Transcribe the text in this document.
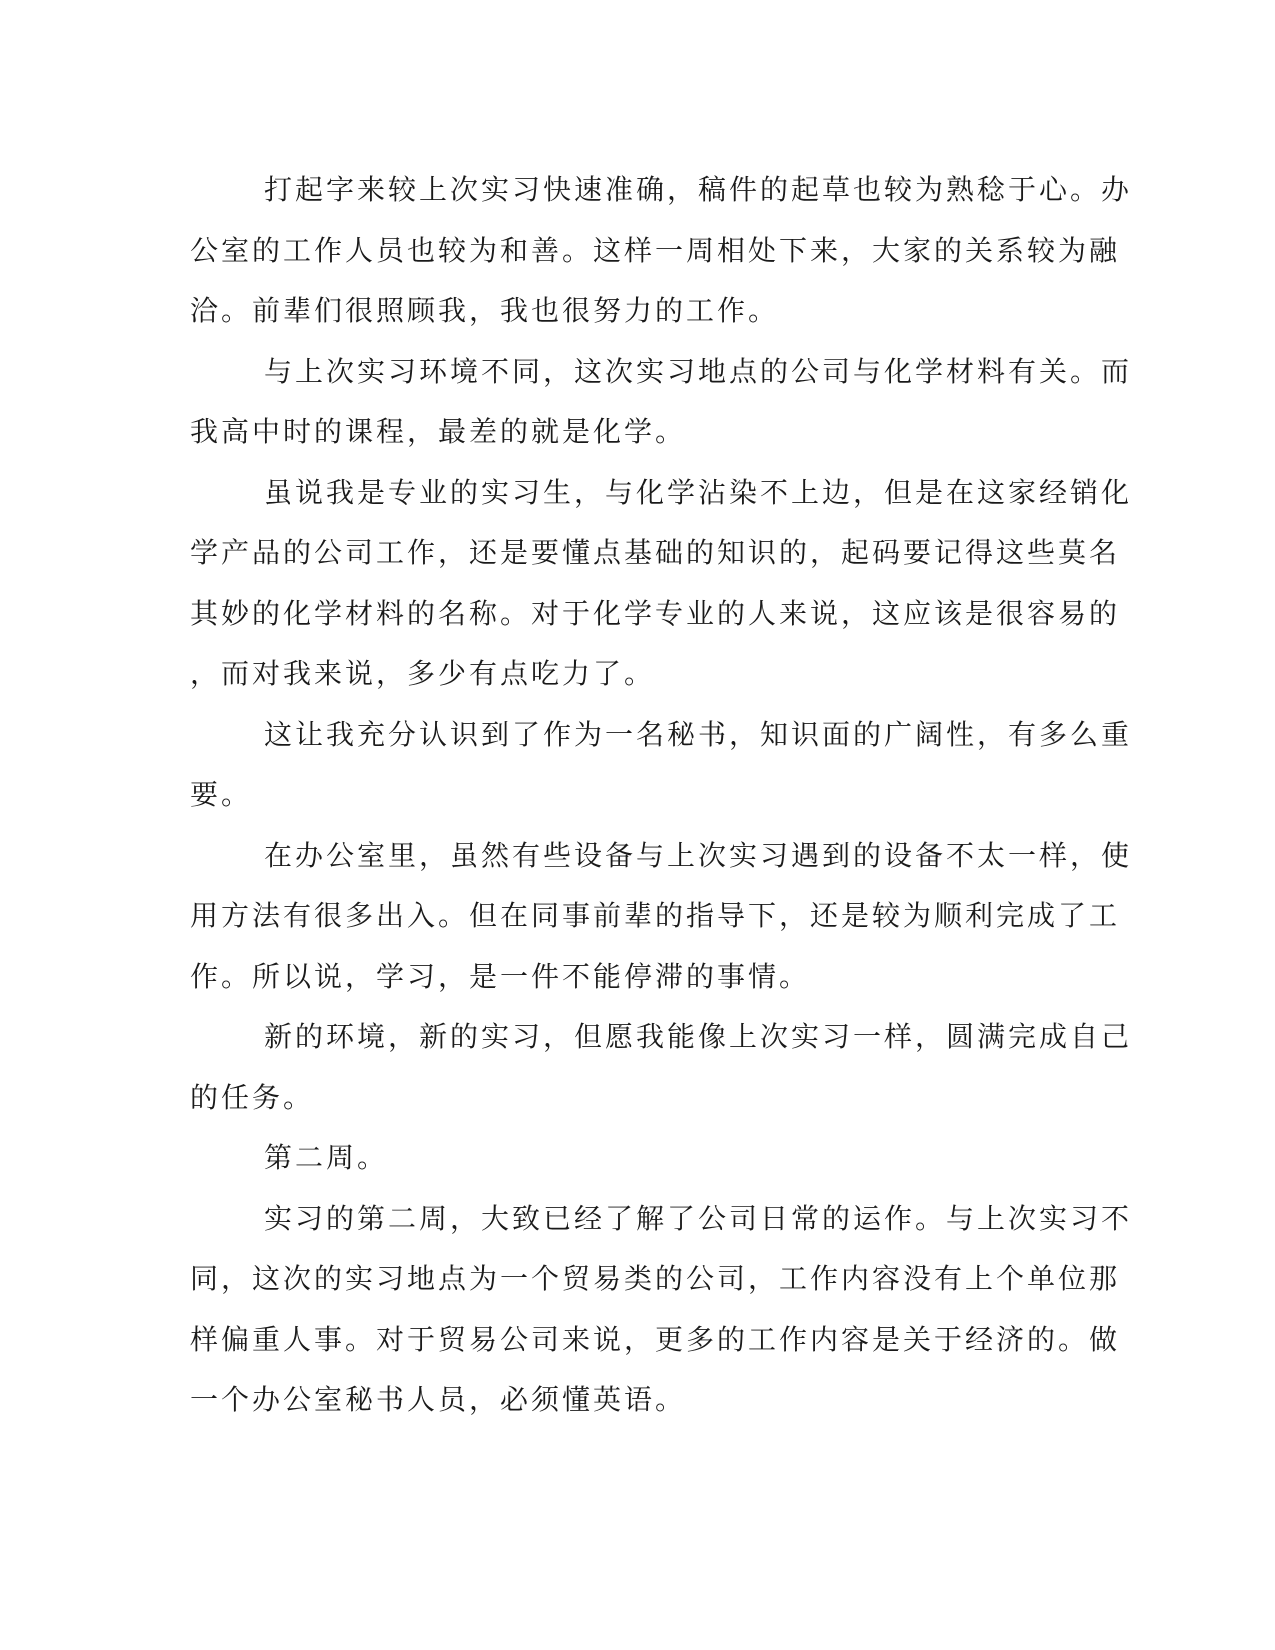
打起字来较上次实习快速准确，稿件的起草也较为熟稔于心。办
公室的工作人员也较为和善。这样一周相处下来，大家的关系较为融
洽。前辈们很照顾我，我也很努力的工作。
与上次实习环境不同，这次实习地点的公司与化学材料有关。而
我高中时的课程，最差的就是化学。
虽说我是专业的实习生，与化学沾染不上边，但是在这家经销化
学产品的公司工作，还是要懂点基础的知识的，起码要记得这些莫名
其妙的化学材料的名称。对于化学专业的人来说，这应该是很容易的
，而对我来说，多少有点吃力了。
这让我充分认识到了作为一名秘书，知识面的广阔性，有多么重
要。
在办公室里，虽然有些设备与上次实习遇到的设备不太一样，使
用方法有很多出入。但在同事前辈的指导下，还是较为顺利完成了工
作。所以说，学习，是一件不能停滞的事情。
新的环境，新的实习，但愿我能像上次实习一样，圆满完成自己
的任务。
第二周。
实习的第二周，大致已经了解了公司日常的运作。与上次实习不
同，这次的实习地点为一个贸易类的公司，工作内容没有上个单位那
样偏重人事。对于贸易公司来说，更多的工作内容是关于经济的。做
一个办公室秘书人员，必须懂英语。
